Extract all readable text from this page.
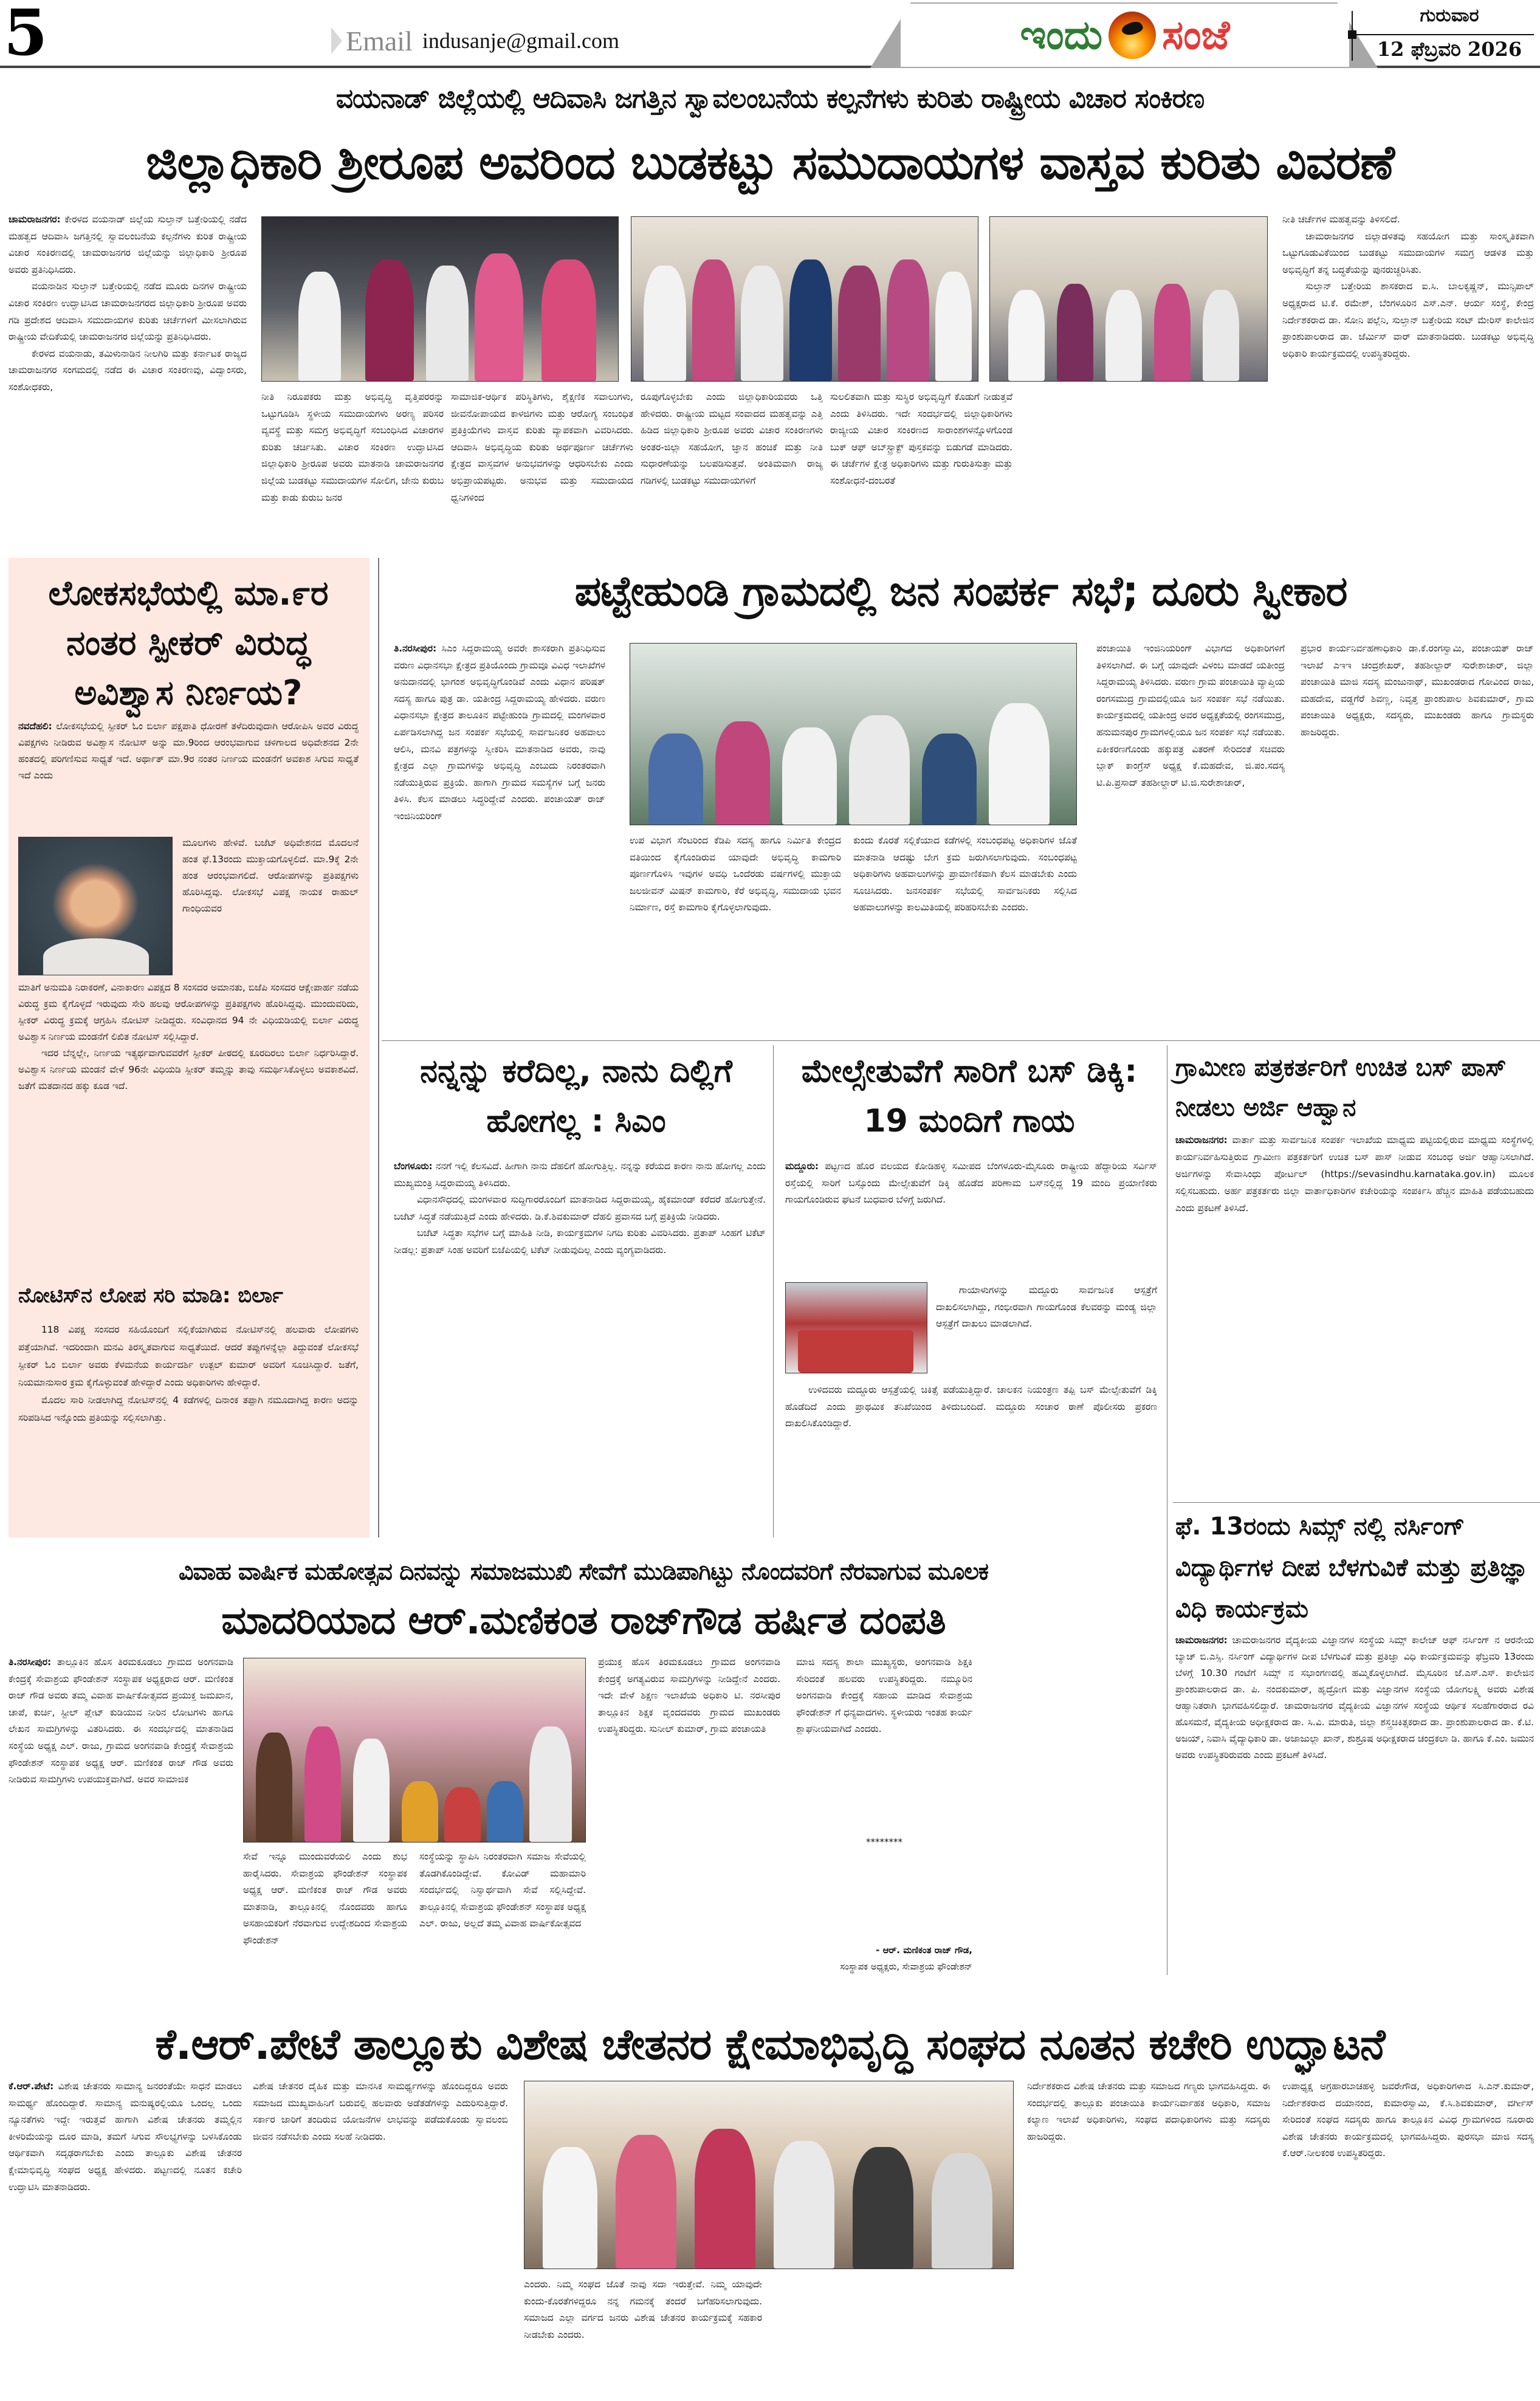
5	Email indusanje@gmail.com	ಇಂದು ಸಂಜೆ	ಗುರುವಾರ
12 ಫೆಬ್ರವರಿ 2026
ವಯನಾಡ್ ಜಿಲ್ಲೆಯಲ್ಲಿ ಆದಿವಾಸಿ ಜಗತ್ತಿನ ಸ್ವಾವಲಂಬನೆಯ ಕಲ್ಪನೆಗಳು ಕುರಿತು ರಾಷ್ಟ್ರೀಯ ವಿಚಾರ ಸಂಕಿರಣ
ಜಿಲ್ಲಾಧಿಕಾರಿ ಶ್ರೀರೂಪ ಅವರಿಂದ ಬುಡಕಟ್ಟು ಸಮುದಾಯಗಳ ವಾಸ್ತವ ಕುರಿತು ವಿವರಣೆ

ಚಾಮರಾಜನಗರ: ಕೇರಳದ ವಯನಾಡ್ ಜಿಲ್ಲೆಯ ಸುಲ್ತಾನ್ ಬತ್ತೇರಿಯಲ್ಲಿ ನಡೆದ ಮಹತ್ವದ ಆದಿವಾಸಿ ಜಗತ್ತಿನಲ್ಲಿ ಸ್ವಾವಲಂಬನೆಯ ಕಲ್ಪನೆಗಳು ಕುರಿತ ರಾಷ್ಟ್ರೀಯ ವಿಚಾರ ಸಂಕಿರಣದಲ್ಲಿ ಚಾಮರಾಜನಗರ ಜಿಲ್ಲೆಯನ್ನು ಜಿಲ್ಲಾಧಿಕಾರಿ ಶ್ರೀರೂಪ ಅವರು ಪ್ರತಿನಿಧಿಸಿದರು.

ವಯನಾಡಿನ ಸುಲ್ತಾನ್ ಬತ್ತೇರಿಯಲ್ಲಿ ನಡೆದ ಮೂರು ದಿನಗಳ ರಾಷ್ಟ್ರೀಯ ವಿಚಾರ ಸಂಕಿರಣ ಉದ್ಘಾಟಿಸಿದ ಚಾಮರಾಜನಗರದ ಜಿಲ್ಲಾಧಿಕಾರಿ ಶ್ರೀರೂಪ ಅವರು ಗಡಿ ಪ್ರದೇಶದ ಆದಿವಾಸಿ ಸಮುದಾಯಗಳ ಕುರಿತು ಚರ್ಚೆಗಳಿಗೆ ಮೀಸಲಾಗಿರುವ ರಾಷ್ಟ್ರೀಯ ವೇದಿಕೆಯಲ್ಲಿ ಚಾಮರಾಜನಗರ ಜಿಲ್ಲೆಯನ್ನು ಪ್ರತಿನಿಧಿಸಿದರು.

ಕೇರಳದ ವಯನಾಡು, ತಮಿಳುನಾಡಿನ ನೀಲಗಿರಿ ಮತ್ತು ಕರ್ನಾಟಕ ರಾಜ್ಯದ ಚಾಮರಾಜನಗರ ಸಂಗಮದಲ್ಲಿ ನಡೆದ ಈ ವಿಚಾರ ಸಂಕಿರಣವು, ವಿದ್ವಾಂಸರು, ಸಂಶೋಧಕರು,

ನೀತಿ ನಿರೂಪಕರು ಮತ್ತು ಅಭಿವೃದ್ಧಿ ವೃತ್ತಿಪರರನ್ನು ಒಟ್ಟುಗೂಡಿಸಿ ಸ್ಥಳೀಯ ಸಮುದಾಯಗಳು ಅರಣ್ಯ ಪರಿಸರ ವ್ಯವಸ್ಥೆ ಮತ್ತು ಸಮಗ್ರ ಅಭಿವೃದ್ಧಿಗೆ ಸಂಬಂಧಿಸಿದ ವಿಚಾರಗಳ ಕುರಿತು ಚರ್ಚಿಸಿತು. ವಿಚಾರ ಸಂಕಿರಣ ಉದ್ಘಾಟಿಸಿದ ಜಿಲ್ಲಾಧಿಕಾರಿ ಶ್ರೀರೂಪ ಅವರು ಮಾತನಾಡಿ ಚಾಮರಾಜನಗರ ಜಿಲ್ಲೆಯ ಬುಡಕಟ್ಟು ಸಮುದಾಯಗಳ ಸೋಲಿಗ, ಜೇನು ಕುರುಬ ಮತ್ತು ಕಾಡು ಕುರುಬ ಜನರ

ಸಾಮಾಜಿಕ-ಆರ್ಥಿಕ ಪರಿಸ್ಥಿತಿಗಳು, ಶೈಕ್ಷಣಿಕ ಸವಾಲುಗಳು, ಜೀವನೋಪಾಯದ ಕಾಳಜಿಗಳು ಮತ್ತು ಆರೋಗ್ಯ ಸಂಬಂಧಿತ ಪ್ರತಿಕ್ರಿಯೆಗಳು ವಾಸ್ತವ ಕುರಿತು ವ್ಯಾಪಕವಾಗಿ ವಿವರಿಸಿದರು. ಆದಿವಾಸಿ ಅಭಿವೃದ್ಧಿಯ ಕುರಿತು ಅರ್ಥಪೂರ್ಣ ಚರ್ಚೆಗಳು ಕ್ಷೇತ್ರದ ವಾಸ್ತವಗಳ ಅನುಭವಗಳನ್ನು ಆಧರಿಸಬೇಕು ಎಂದು ಅಭಿಪ್ರಾಯಪಟ್ಟರು. ಅನುಭವ ಮತ್ತು ಸಮುದಾಯದ ಧ್ವನಿಗಳಿಂದ

ರೂಪುಗೊಳ್ಳಬೇಕು ಎಂದು ಜಿಲ್ಲಾಧಿಕಾರಿಯವರು ಒತ್ತಿ ಹೇಳಿದರು. ರಾಷ್ಟ್ರೀಯ ಮಟ್ಟದ ಸಂವಾದದ ಮಹತ್ವವನ್ನು ಎತ್ತಿ ಹಿಡಿದ ಜಿಲ್ಲಾಧಿಕಾರಿ ಶ್ರೀರೂಪ ಅವರು ವಿಚಾರ ಸಂಕಿರಣಗಳು ಅಂತರ-ಜಿಲ್ಲಾ ಸಹಯೋಗ, ಜ್ಞಾನ ಹಂಚಿಕೆ ಮತ್ತು ನೀತಿ ಸುಧಾರಣೆಯನ್ನು ಬಲಪಡಿಸುತ್ತವೆ. ಅಂತಿಮವಾಗಿ ರಾಜ್ಯ ಗಡಿಗಳಲ್ಲಿ ಬುಡಕಟ್ಟು ಸಮುದಾಯಗಳಿಗೆ

ಸುಲಲಿತವಾಗಿ ಮತ್ತು ಸುಸ್ಥಿರ ಅಭಿವೃದ್ಧಿಗೆ ಕೊಡುಗೆ ನೀಡುತ್ತವೆ ಎಂದು ತಿಳಿಸಿದರು. ಇದೇ ಸಂದರ್ಭದಲ್ಲಿ ಜಿಲ್ಲಾಧಿಕಾರಿಗಳು ರಾಜ್ಯೀಯ ವಿಚಾರ ಸಂಕಿರಣದ ಸಾರಾಂಶಗಳನ್ನೊಳಗೊಂಡ ಬುಕ್ ಆಫ್ ಅಬ್‌ಸ್ಟ್ರಾಕ್ಟ್ ಪುಸ್ತಕವನ್ನು ಬಿಡುಗಡೆ ಮಾಡಿದರು. ಈ ಚರ್ಚೆಗಳ ಕ್ಷೇತ್ರ ಅಧಿಕಾರಿಗಳು ಮತ್ತು ಗುರುತಿಸುತ್ತಾ ಮತ್ತು ಸಂಶೋಧನೆ-ದಂಬರತೆ

ನೀತಿ ಚರ್ಚೆಗಳ ಮಹತ್ವವನ್ನು ತಿಳಿಸಲಿದೆ.

ಚಾಮರಾಜನಗರ ಜಿಲ್ಲಾಡಳಿತವು ಸಹಯೋಗ ಮತ್ತು ಸಾಂಸ್ಕೃತಿಕವಾಗಿ ಒಟ್ಟುಗೂಡುವಿಕೆಯಿಂದ ಬುಡಕಟ್ಟು ಸಮುದಾಯಗಳ ಸಮಗ್ರ ಆಡಳಿತ ಮತ್ತು ಅಭಿವೃದ್ಧಿಗೆ ತನ್ನ ಬದ್ಧತೆಯನ್ನು ಪುನರುಚ್ಚರಿಸಿತು.

ಸುಲ್ತಾನ್ ಬತ್ತೇರಿಯ ಶಾಸಕರಾದ ಐ.ಸಿ. ಬಾಲಕೃಷ್ಣನ್, ಮುನ್ಸಿಪಾಲ್ ಅಧ್ಯಕ್ಷರಾದ ಟಿ.ಕೆ. ರಮೇಶ್, ಬೆಂಗಳೂರಿನ ಎಸ್.ಎನ್. ಆರ್ಯ ಸಂಸ್ಥೆ, ಕೇಂದ್ರ ನಿರ್ದೇಶಕರಾದ ಡಾ. ಸೋನಿ ಪಲ್ಲೆನಿ, ಸುಲ್ತಾನ್ ಬತ್ತೇರಿಯ ಸಂಟ್ ಮೇರಿಸ್ ಕಾಲೇಜಿನ ಪ್ರಾಂಶುಪಾಲರಾದ ಡಾ. ಜೆರ್ಮಿಸ್ ವಾರ್ ಮಾತನಾಡಿದರು. ಬುಡಕಟ್ಟು ಅಭಿವೃದ್ಧಿ ಅಧಿಕಾರಿ ಕಾರ್ಯಕ್ರಮದಲ್ಲಿ ಉಪಸ್ಥಿತರಿದ್ದರು.

ಲೋಕಸಭೆಯಲ್ಲಿ ಮಾ.೯ರ ನಂತರ ಸ್ಪೀಕರ್ ವಿರುದ್ಧ ಅವಿಶ್ವಾಸ ನಿರ್ಣಯ?

ನವದೆಹಲಿ: ಲೋಕಸಭೆಯಲ್ಲಿ ಸ್ಪೀಕರ್ ಓಂ ಬಿರ್ಲಾ ಪಕ್ಷಪಾತಿ ಧೋರಣೆ ತಳೆದಿರುವುದಾಗಿ ಆರೋಪಿಸಿ ಅವರ ವಿರುದ್ಧ ವಿಪಕ್ಷಗಳು ನೀಡಿರುವ ಅವಿಶ್ವಾಸ ನೋಟಿಸ್ ಅನ್ನು ಮಾ.9ರಿಂದ ಆರಂಭವಾಗುವ ಚಳಿಗಾಲದ ಅಧಿವೇಶನದ 2ನೇ ಹಂತದಲ್ಲಿ ಪರಿಗಣಿಸುವ ಸಾಧ್ಯತೆ ಇದೆ. ಅರ್ಥಾತ್ ಮಾ.9ರ ನಂತರ ನಿರ್ಣಯ ಮಂಡನೆಗೆ ಅವಕಾಶ ಸಿಗುವ ಸಾಧ್ಯತೆ ಇದೆ ಎಂದು

ಮೂಲಗಳು ಹೇಳಿವೆ. ಬಜೆಟ್ ಅಧಿವೇಶನದ ಮೊದಲನೆ ಹಂತ ಫೆ.13ರಂದು ಮುಕ್ತಾಯಗೊಳ್ಳಲಿದೆ. ಮಾ.9ಕ್ಕೆ 2ನೇ ಹಂತ ಆರಂಭವಾಗಲಿದೆ. ಆರೋಪಗಳನ್ನು ಪ್ರತಿಪಕ್ಷಗಳು ಹೊರಿಸಿದ್ದವು. ಲೋಕಸಭೆ ವಿಪಕ್ಷ ನಾಯಕ ರಾಹುಲ್ ಗಾಂಧಿಯವರ

ಮಾತಿಗೆ ಅನುಮತಿ ನಿರಾಕರಣೆ, ವಿನಾಕಾರಣ ವಿಪಕ್ಷದ 8 ಸಂಸದರ ಅಮಾನತು, ಬಿಜೆಪಿ ಸಂಸದರ ಆಕ್ಷೇಪಾರ್ಹ ನಡೆಯ ವಿರುದ್ಧ ಕ್ರಮ ಕೈಗೊಳ್ಳದೆ ಇರುವುದು ಸೇರಿ ಹಲವು ಆರೋಪಗಳನ್ನು ಪ್ರತಿಪಕ್ಷಗಳು ಹೊರಿಸಿದ್ದವು. ಮುಂದುವರಿದು, ಸ್ಪೀಕರ್ ವಿರುದ್ಧ ಕ್ರಮಕ್ಕೆ ಆಗ್ರಹಿಸಿ ನೋಟಿಸ್ ನೀಡಿದ್ದರು. ಸಂವಿಧಾನದ 94 ನೇ ವಿಧಿಯಡಿಯಲ್ಲಿ ಬಿರ್ಲಾ ವಿರುದ್ಧ ಅವಿಶ್ವಾಸ ನಿರ್ಣಯ ಮಂಡನೆಗೆ ಲಿಖಿತ ನೋಟಿಸ್ ಸಲ್ಲಿಸಿದ್ದಾರೆ.

ಇದರ ಬೆನ್ನಲ್ಲೇ, ನಿರ್ಣಯ ಇತ್ಯರ್ಥವಾಗುವವರೆಗೆ ಸ್ಪೀಕರ್ ಪೀಠದಲ್ಲಿ ಕೂರದಿರಲು ಬಿರ್ಲಾ ನಿರ್ಧರಿಸಿದ್ದಾರೆ. ಅವಿಶ್ವಾಸ ನಿರ್ಣಯ ಮಂಡನೆ ವೇಳೆ 96ನೇ ವಿಧಿಯಡಿ ಸ್ಪೀಕರ್ ತಮ್ಮನ್ನು ತಾವು ಸಮರ್ಥಿಸಿಕೊಳ್ಳಲು ಅವಕಾಶವಿದೆ. ಜತೆಗೆ ಮತದಾನದ ಹಕ್ಕು ಕೂಡ ಇದೆ.

ನೋಟಿಸ್‌ನ ಲೋಪ ಸರಿ ಮಾಡಿ: ಬಿರ್ಲಾ

118 ವಿಪಕ್ಷ ಸಂಸದರ ಸಹಿಯೊಂದಿಗೆ ಸಲ್ಲಿಕೆಯಾಗಿರುವ ನೋಟಿಸ್‌ನಲ್ಲಿ ಹಲವಾರು ಲೋಪಗಳು ಪತ್ತೆಯಾಗಿವೆ. ಇದರಿಂದಾಗಿ ಮನವಿ ತಿರಸ್ಕೃತವಾಗುವ ಸಾಧ್ಯತೆಯಿದೆ. ಆದರೆ ತಪ್ಪುಗಳನ್ನೆಲ್ಲಾ ತಿದ್ದುವಂತೆ ಲೋಕಸಭೆ ಸ್ಪೀಕರ್ ಓಂ ಬಿರ್ಲಾ ಅವರು ಕೆಳಮನೆಯ ಕಾರ್ಯದರ್ಶಿ ಉತ್ಪಲ್ ಕುಮಾರ್ ಅವರಿಗೆ ಸೂಚಿಸಿದ್ದಾರೆ. ಜತೆಗೆ, ನಿಯಮಾನುಸಾರ ಕ್ರಮ ಕೈಗೊಳ್ಳುವಂತೆ ಹೇಳಿದ್ದಾರೆ ಎಂದು ಅಧಿಕಾರಿಗಳು ಹೇಳಿದ್ದಾರೆ.

ಮೊದಲ ಸಾರಿ ನೀಡಲಾಗಿದ್ದ ನೋಟಿಸ್‌ನಲ್ಲಿ 4 ಕಡೆಗಳಲ್ಲಿ ದಿನಾಂಕ ತಪ್ಪಾಗಿ ನಮೂದಾಗಿದ್ದ ಕಾರಣ ಅದನ್ನು ಸರಿಪಡಿಸಿದ ಇನ್ನೊಂದು ಪ್ರತಿಯನ್ನು ಸಲ್ಲಿಸಲಾಗಿತ್ತು.

ಪಟ್ಟೇಹುಂಡಿ ಗ್ರಾಮದಲ್ಲಿ ಜನ ಸಂಪರ್ಕ ಸಭೆ; ದೂರು ಸ್ವೀಕಾರ

ತಿ.ನರಸೀಪುರ: ಸಿಎಂ ಸಿದ್ದರಾಮಯ್ಯ ಅವರೇ ಶಾಸಕರಾಗಿ ಪ್ರತಿನಿಧಿಸುವ ವರುಣ ವಿಧಾನಸಭಾ ಕ್ಷೇತ್ರದ ಪ್ರತಿಯೊಂದು ಗ್ರಾಮವೂ ವಿವಿಧ ಇಲಾಖೆಗಳ ಅನುದಾನದಲ್ಲಿ ಭಾಗಂಶ ಅಭಿವೃದ್ಧಿಗೊಂಡಿವೆ ಎಂದು ವಿಧಾನ ಪರಿಷತ್ ಸದಸ್ಯ ಹಾಗೂ ಪುತ್ರ ಡಾ. ಯತೀಂದ್ರ ಸಿದ್ದರಾಮಯ್ಯ ಹೇಳಿದರು. ವರುಣ ವಿಧಾನಸಭಾ ಕ್ಷೇತ್ರದ ತಾಲೂಕಿನ ಪಟ್ಟೇಹುಂಡಿ ಗ್ರಾಮದಲ್ಲಿ ಮಂಗಳವಾರ ಏರ್ಪಡಿಸಲಾಗಿದ್ದ ಜನ ಸಂಪರ್ಕ ಸಭೆಯಲ್ಲಿ ಸಾರ್ವಜನಿಕರ ಅಹವಾಲು ಆಲಿಸಿ, ಮನವಿ ಪತ್ರಗಳನ್ನು ಸ್ವೀಕರಿಸಿ ಮಾತನಾಡಿದ ಅವರು, ನಾವು ಕ್ಷೇತ್ರದ ಎಲ್ಲಾ ಗ್ರಾಮಗಳನ್ನು ಅಭಿವೃದ್ಧಿ ಎಂಬುದು ನಿರಂತರವಾಗಿ ನಡೆಯುತ್ತಿರುವ ಪ್ರಕ್ರಿಯೆ. ಹಾಗಾಗಿ ಗ್ರಾಮದ ಸಮಸ್ಯೆಗಳ ಬಗ್ಗೆ ಜನರು ತಿಳಿಸಿ. ಕೆಲಸ ಮಾಡಲು ಸಿದ್ಧರಿದ್ದೇವೆ ಎಂದರು. ಪಂಚಾಯತ್ ರಾಜ್ ಇಂಜಿನಿಯರಿಂಗ್

ಉಪ ವಿಭಾಗ ಸೆಂಟರಿಂದ ಕೆಡಿಪಿ ಸದಸ್ಯ ಹಾಗೂ ನಿರ್ಮಿತಿ ಕೇಂದ್ರದ ವತಿಯಿಂದ ಕೈಗೊಂಡಿರುವ ಯಾವುದೇ ಅಭಿವೃದ್ಧಿ ಕಾಮಗಾರಿ ಪೂರ್ಣಗೊಳಿಸಿ ಇವುಗಳ ಅವಧಿ ಒಂದೆರಡು ವರ್ಷಗಳಲ್ಲಿ ಮುಕ್ತಾಯ ಜಲಜೀವನ್ ಮಿಷನ್ ಕಾಮಗಾರಿ, ಕೆರೆ ಅಭಿವೃದ್ಧಿ, ಸಮುದಾಯ ಭವನ ನಿರ್ಮಾಣ, ರಸ್ತೆ ಕಾಮಗಾರಿ ಕೈಗೊಳ್ಳಲಾಗುವುದು.

ಕುಂದು ಕೊರತೆ ಸಲ್ಲಿಕೆಯಾದ ಕಡೆಗಳಲ್ಲಿ ಸಂಬಂಧಪಟ್ಟ ಅಧಿಕಾರಿಗಳ ಜೊತೆ ಮಾತನಾಡಿ ಆದಷ್ಟು ಬೇಗ ಕ್ರಮ ಜರುಗಿಸಲಾಗುವುದು. ಸಂಬಂಧಪಟ್ಟ ಅಧಿಕಾರಿಗಳು ಅಹವಾಲುಗಳನ್ನು ಪ್ರಾಮಾಣಿಕವಾಗಿ ಕೆಲಸ ಮಾಡಬೇಕು ಎಂದು ಸೂಚಿಸಿದರು. ಜನಸಂಪರ್ಕ ಸಭೆಯಲ್ಲಿ ಸಾರ್ವಜನಿಕರು ಸಲ್ಲಿಸಿದ ಅಹವಾಲುಗಳನ್ನು ಕಾಲಮಿತಿಯಲ್ಲಿ ಪರಿಹರಿಸಬೇಕು ಎಂದರು.

ಪಂಚಾಯಿತಿ ಇಂಜಿನಿಯರಿಂಗ್ ವಿಭಾಗದ ಅಧಿಕಾರಿಗಳಿಗೆ ತಿಳಿಸಲಾಗಿದೆ. ಈ ಬಗ್ಗೆ ಯಾವುದೇ ವಿಳಂಬ ಮಾಡದೆ ಯತೀಂದ್ರ ಸಿದ್ದರಾಮಯ್ಯ ತಿಳಿಸಿದರು. ವರುಣ ಗ್ರಾಮ ಪಂಚಾಯಿತಿ ವ್ಯಾಪ್ತಿಯ ರಂಗಸಮುದ್ರ ಗ್ರಾಮದಲ್ಲಿಯೂ ಜನ ಸಂಪರ್ಕ ಸಭೆ ನಡೆಯಿತು. ಕಾರ್ಯಕ್ರಮದಲ್ಲಿ ಯತೀಂದ್ರ ಅವರ ಅಧ್ಯಕ್ಷತೆಯಲ್ಲಿ ರಂಗಸಮುದ್ರ, ಹನುಮನಪುರ ಗ್ರಾಮಗಳಲ್ಲಿಯೂ ಜನ ಸಂಪರ್ಕ ಸಭೆ ನಡೆಯಿತು. ಏಕೀಕರಣಗೊಂಡು ಹಕ್ಕುಪತ್ರ ವಿತರಣೆ ಸೇರಿದಂತೆ ಸಚಿವರು ಬ್ಲಾಕ್ ಕಾಂಗ್ರೆಸ್ ಅಧ್ಯಕ್ಷ ಕೆ.ಮಹದೇವ, ಜಿ.ಪಂ.ಸದಸ್ಯ ಟಿ.ಪಿ.ಪ್ರಸಾದ್ ತಹಶೀಲ್ದಾರ್ ಟಿ.ಜಿ.ಸುರೇಶಾಚಾರ್,

ಪ್ರಭಾರ ಕಾರ್ಯನಿರ್ವಹಣಾಧಿಕಾರಿ ಡಾ.ಕೆ.ರಂಗಸ್ವಾಮಿ, ಪಂಚಾಯತ್ ರಾಜ್ ಇಲಾಖೆ ಎಇಇ ಚಂದ್ರಶೇಖರ್, ತಹಶೀಲ್ದಾರ್ ಸುರೇಶಾಚಾರ್, ಜಿಲ್ಲಾ ಪಂಚಾಯಿತಿ ಮಾಜಿ ಸದಸ್ಯ ಮಂಜುನಾಥ್, ಮುಖಂಡರಾದ ಗೋವಿಂದ ರಾಜು, ಮಹದೇವ, ವಡ್ಡಗೆರೆ ಶಿವಣ್ಣ, ನಿವೃತ್ತ ಪ್ರಾಂಶುಪಾಲ ಶಿವಕುಮಾರ್, ಗ್ರಾಮ ಪಂಚಾಯಿತಿ ಅಧ್ಯಕ್ಷರು, ಸದಸ್ಯರು, ಮುಖಂಡರು ಹಾಗೂ ಗ್ರಾಮಸ್ಥರು ಹಾಜರಿದ್ದರು.

ನನ್ನನ್ನು ಕರೆದಿಲ್ಲ, ನಾನು ದಿಲ್ಲಿಗೆ ಹೋಗಲ್ಲ : ಸಿಎಂ

ಬೆಂಗಳೂರು: ನನಗೆ ಇಲ್ಲಿ ಕೆಲಸವಿದೆ. ಹೀಗಾಗಿ ನಾನು ದೆಹಲಿಗೆ ಹೋಗುತ್ತಿಲ್ಲ. ನನ್ನನ್ನು ಕರೆಯದ ಕಾರಣ ನಾನು ಹೋಗಲ್ಲ ಎಂದು ಮುಖ್ಯಮಂತ್ರಿ ಸಿದ್ದರಾಮಯ್ಯ ತಿಳಿಸಿದರು.

ವಿಧಾನಸೌಧದಲ್ಲಿ ಮಂಗಳವಾರ ಸುದ್ದಿಗಾರರೊಂದಿಗೆ ಮಾತನಾಡಿದ ಸಿದ್ದರಾಮಯ್ಯ, ಹೈಕಮಾಂಡ್ ಕರೆದರೆ ಹೋಗುತ್ತೇನೆ. ಬಜೆಟ್ ಸಿದ್ಧತೆ ನಡೆಯುತ್ತಿದೆ ಎಂದು ಹೇಳಿದರು. ಡಿ.ಕೆ.ಶಿವಕುಮಾರ್ ದೆಹಲಿ ಪ್ರವಾಸದ ಬಗ್ಗೆ ಪ್ರತಿಕ್ರಿಯೆ ನೀಡಿದರು.

ಬಜೆಟ್ ಸಿದ್ಧತಾ ಸಭೆಗಳ ಬಗ್ಗೆ ಮಾಹಿತಿ ನೀಡಿ, ಕಾರ್ಯಕ್ರಮಗಳ ನಿಗದಿ ಕುರಿತು ವಿವರಿಸಿದರು. ಪ್ರತಾಪ್ ಸಿಂಹಗೆ ಟಿಕೆಟ್ ನೀಡಲ್ಲ: ಪ್ರತಾಪ್ ಸಿಂಹ ಅವರಿಗೆ ಬಿಜೆಪಿಯಲ್ಲಿ ಟಿಕೆಟ್ ನೀಡುವುದಿಲ್ಲ ಎಂದು ವ್ಯಂಗ್ಯವಾಡಿದರು.

ಮೇಲ್ಸೇತುವೆಗೆ ಸಾರಿಗೆ ಬಸ್ ಡಿಕ್ಕಿ: 19 ಮಂದಿಗೆ ಗಾಯ

ಮದ್ದೂರು: ಪಟ್ಟಣದ ಹೊರ ವಲಯದ ಕೋಡಿಹಳ್ಳಿ ಸಮೀಪದ ಬೆಂಗಳೂರು-ಮೈಸೂರು ರಾಷ್ಟ್ರೀಯ ಹೆದ್ದಾರಿಯ ಸರ್ವಿಸ್ ರಸ್ತೆಯಲ್ಲಿ ಸಾರಿಗೆ ಬಸ್ಸೊಂದು ಮೇಲ್ಸೇತುವೆಗೆ ಡಿಕ್ಕಿ ಹೊಡೆದ ಪರಿಣಾಮ ಬಸ್‌ನಲ್ಲಿದ್ದ 19 ಮಂದಿ ಪ್ರಯಾಣಿಕರು ಗಾಯಗೊಂಡಿರುವ ಘಟನೆ ಬುಧವಾರ ಬೆಳಿಗ್ಗೆ ಜರುಗಿದೆ.

ಗಾಯಾಳುಗಳನ್ನು ಮದ್ದೂರು ಸಾರ್ವಜನಿಕ ಆಸ್ಪತ್ರೆಗೆ ದಾಖಲಿಸಲಾಗಿದ್ದು, ಗಂಭೀರವಾಗಿ ಗಾಯಗೊಂಡ ಕೆಲವರನ್ನು ಮಂಡ್ಯ ಜಿಲ್ಲಾ ಆಸ್ಪತ್ರೆಗೆ ದಾಖಲು ಮಾಡಲಾಗಿದೆ.

ಉಳಿದವರು ಮದ್ದೂರು ಆಸ್ಪತ್ರೆಯಲ್ಲಿ ಚಿಕಿತ್ಸೆ ಪಡೆಯುತ್ತಿದ್ದಾರೆ. ಚಾಲಕನ ನಿಯಂತ್ರಣ ತಪ್ಪಿ ಬಸ್ ಮೇಲ್ಸೇತುವೆಗೆ ಡಿಕ್ಕಿ ಹೊಡೆದಿದೆ ಎಂದು ಪ್ರಾಥಮಿಕ ತನಿಖೆಯಿಂದ ತಿಳಿದುಬಂದಿದೆ. ಮದ್ದೂರು ಸಂಚಾರ ಠಾಣೆ ಪೊಲೀಸರು ಪ್ರಕರಣ ದಾಖಲಿಸಿಕೊಂಡಿದ್ದಾರೆ.

ಗ್ರಾಮೀಣ ಪತ್ರಕರ್ತರಿಗೆ ಉಚಿತ ಬಸ್ ಪಾಸ್ ನೀಡಲು ಅರ್ಜಿ ಆಹ್ವಾನ

ಚಾಮರಾಜನಗರ: ವಾರ್ತಾ ಮತ್ತು ಸಾರ್ವಜನಿಕ ಸಂಪರ್ಕ ಇಲಾಖೆಯ ಮಾಧ್ಯಮ ಪಟ್ಟಿಯಲ್ಲಿರುವ ಮಾಧ್ಯಮ ಸಂಸ್ಥೆಗಳಲ್ಲಿ ಕಾರ್ಯನಿರ್ವಹಿಸುತ್ತಿರುವ ಗ್ರಾಮೀಣ ಪತ್ರಕರ್ತರಿಗೆ ಉಚಿತ ಬಸ್ ಪಾಸ್ ನೀಡುವ ಸಂಬಂಧ ಅರ್ಜಿ ಆಹ್ವಾನಿಸಲಾಗಿದೆ. ಅರ್ಜಿಗಳನ್ನು ಸೇವಾಸಿಂಧು ಪೋರ್ಟಲ್ (https://sevasindhu.karnataka.gov.in) ಮೂಲಕ ಸಲ್ಲಿಸಬಹುದು. ಅರ್ಹ ಪತ್ರಕರ್ತರು ಜಿಲ್ಲಾ ವಾರ್ತಾಧಿಕಾರಿಗಳ ಕಚೇರಿಯನ್ನು ಸಂಪರ್ಕಿಸಿ ಹೆಚ್ಚಿನ ಮಾಹಿತಿ ಪಡೆಯಬಹುದು ಎಂದು ಪ್ರಕಟಣೆ ತಿಳಿಸಿದೆ.

ಫೆ. 13ರಂದು ಸಿಮ್ಸ್ ನಲ್ಲಿ ನರ್ಸಿಂಗ್ ವಿದ್ಯಾರ್ಥಿಗಳ ದೀಪ ಬೆಳಗುವಿಕೆ ಮತ್ತು ಪ್ರತಿಜ್ಞಾ ವಿಧಿ ಕಾರ್ಯಕ್ರಮ

ಚಾಮರಾಜನಗರ: ಚಾಮರಾಜನಗರ ವೈದ್ಯಕೀಯ ವಿಜ್ಞಾನಗಳ ಸಂಸ್ಥೆಯ ಸಿಮ್ಸ್ ಕಾಲೇಜ್ ಆಫ್ ನರ್ಸಿಂಗ್ ನ ಆರನೇಯ ಬ್ಯಾಚ್ ಬಿ.ಎಸ್ಸಿ. ನರ್ಸಿಂಗ್ ವಿದ್ಯಾರ್ಥಿಗಳ ದೀಪ ಬೆಳಗುವಿಕೆ ಮತ್ತು ಪ್ರತಿಜ್ಞಾ ವಿಧಿ ಕಾರ್ಯಕ್ರಮವನ್ನು ಫೆಬ್ರವರಿ 13ರಂದು ಬೆಳಗ್ಗೆ 10.30 ಗಂಟೆಗೆ ಸಿಮ್ಸ್ ನ ಸಭಾಂಗಣದಲ್ಲಿ ಹಮ್ಮಿಕೊಳ್ಳಲಾಗಿದೆ. ಮೈಸೂರಿನ ಜೆ.ಎಸ್.ಎಸ್. ಕಾಲೇಜಿನ ಪ್ರಾಂಶುಪಾಲರಾದ ಡಾ. ಪಿ. ನಂದಕುಮಾರ್, ಹೃದ್ರೋಗ ಮತ್ತು ವಿಜ್ಞಾನಗಳ ಸಂಸ್ಥೆಯ ಯೋಗಲಕ್ಷ್ಮಿ ಅವರು ವಿಶೇಷ ಆಹ್ವಾನಿತರಾಗಿ ಭಾಗವಹಿಸಲಿದ್ದಾರೆ. ಚಾಮರಾಜನಗರ ವೈದ್ಯಕೀಯ ವಿಜ್ಞಾನಗಳ ಸಂಸ್ಥೆಯ ಆರ್ಥಿಕ ಸಲಹೆಗಾರರಾದ ರವಿ ಹೊಸಮನೆ, ವೈದ್ಯಕೀಯ ಅಧೀಕ್ಷಕರಾದ ಡಾ. ಸಿ.ವಿ. ಮಾರುತಿ, ಜಿಲ್ಲಾ ಶಸ್ತ್ರಚಿಕಿತ್ಸಕರಾದ ಡಾ. ಪ್ರಾಂಶುಪಾಲರಾದ ಡಾ. ಕೆ.ಟಿ. ಅಜಯ್, ನಿವಾಸಿ ವೈದ್ಯಾಧಿಕಾರಿ ಡಾ. ಅಜಾಜುಲ್ಲಾ ಖಾನ್, ಶುಶ್ರೂಷ ಅಧೀಕ್ಷಕರಾದ ಚಂದ್ರಕಲಾ ಡಿ. ಹಾಗೂ ಕೆ.ಎಂ. ಜಮುನ ಅವರು ಉಪಸ್ಥಿತರಿರುವರು ಎಂದು ಪ್ರಕಟಣೆ ತಿಳಿಸಿದೆ.

ವಿವಾಹ ವಾರ್ಷಿಕ ಮಹೋತ್ಸವ ದಿನವನ್ನು ಸಮಾಜಮುಖಿ ಸೇವೆಗೆ ಮುಡಿಪಾಗಿಟ್ಟು ನೊಂದವರಿಗೆ ನೆರವಾಗುವ ಮೂಲಕ
ಮಾದರಿಯಾದ ಆರ್.ಮಣಿಕಂತ ರಾಜ್‌ಗೌಡ ಹರ್ಷಿತ ದಂಪತಿ

ತಿ.ನರಸೀಪುರ: ತಾಲ್ಲೂಕಿನ ಹೊಸ ತಿರಮಕೂಡಲು ಗ್ರಾಮದ ಅಂಗನವಾಡಿ ಕೇಂದ್ರಕ್ಕೆ ಸೇವಾಶ್ರಯ ಫೌಂಡೇಶನ್ ಸಂಸ್ಥಾಪಕ ಅಧ್ಯಕ್ಷರಾದ ಆರ್. ಮಣಿಕಂತ ರಾಜ್ ಗೌಡ ಅವರು ತಮ್ಮ ವಿವಾಹ ವಾರ್ಷಿಕೋತ್ಸವದ ಪ್ರಯುಕ್ತ ಜಮಖಾನ, ಚಾಪೆ, ಕುರ್ಚಿ, ಸ್ಟೀಲ್ ಪ್ಲೇಟ್ ಕುಡಿಯುವ ನೀರಿನ ಲೋಟಗಳು ಹಾಗೂ ಲೇಖನ ಸಾಮಗ್ರಿಗಳನ್ನು ವಿತರಿಸಿದರು. ಈ ಸಂದರ್ಭದಲ್ಲಿ ಮಾತನಾಡಿದ ಸಂಸ್ಥೆಯ ಅಧ್ಯಕ್ಷ ಎಲ್. ರಾಜು, ಗ್ರಾಮದ ಅಂಗನವಾಡಿ ಕೇಂದ್ರಕ್ಕೆ ಸೇವಾಶ್ರಯ ಫೌಂಡೇಶನ್ ಸಂಸ್ಥಾಪಕ ಅಧ್ಯಕ್ಷ ಆರ್. ಮಣಿಕಂತ ರಾಜ್ ಗೌಡ ಅವರು ನೀಡಿರುವ ಸಾಮಗ್ರಿಗಳು ಉಪಯುಕ್ತವಾಗಿದೆ. ಅವರ ಸಾಮಾಜಿಕ

ಸೇವೆ ಇನ್ನೂ ಮುಂದುವರೆಯಲಿ ಎಂದು ಶುಭ ಹಾರೈಸಿದರು. ಸೇವಾಶ್ರಯ ಫೌಂಡೇಶನ್ ಸಂಸ್ಥಾಪಕ ಅಧ್ಯಕ್ಷ ಆರ್. ಮಣಿಕಂತ ರಾಜ್ ಗೌಡ ಅವರು ಮಾತನಾಡಿ, ತಾಲ್ಲೂಕಿನಲ್ಲಿ ನೊಂದವರು ಹಾಗೂ ಅಸಹಾಯಕರಿಗೆ ನೆರವಾಗುವ ಉದ್ದೇಶದಿಂದ ಸೇವಾಶ್ರಯ ಫೌಂಡೇಶನ್

ಸಂಸ್ಥೆಯನ್ನು ಸ್ಥಾಪಿಸಿ ನಿರಂತರವಾಗಿ ಸಮಾಜ ಸೇವೆಯಲ್ಲಿ ತೊಡಗಿಕೊಂಡಿದ್ದೇವೆ. ಕೋವಿಡ್ ಮಹಾಮಾರಿ ಸಂದರ್ಭದಲ್ಲಿ ನಿಸ್ವಾರ್ಥವಾಗಿ ಸೇವೆ ಸಲ್ಲಿಸಿದ್ದೇವೆ. ತಾಲ್ಲೂಕಿನಲ್ಲಿ ಸೇವಾಶ್ರಯ ಫೌಂಡೇಶನ್ ಸಂಸ್ಥಾಪಕ ಅಧ್ಯಕ್ಷ ಎಲ್. ರಾಜು, ಅಲ್ಲದೆ ತಮ್ಮ ವಿವಾಹ ವಾರ್ಷಿಕೋತ್ಸವದ

ಪ್ರಯುಕ್ತ ಹೊಸ ತಿರಮಕೂಡಲು ಗ್ರಾಮದ ಅಂಗನವಾಡಿ ಕೇಂದ್ರಕ್ಕೆ ಅಗತ್ಯವಿರುವ ಸಾಮಗ್ರಿಗಳನ್ನು ನೀಡಿದ್ದೇನೆ ಎಂದರು. ಇದೇ ವೇಳೆ ಶಿಕ್ಷಣ ಇಲಾಖೆಯ ಅಧಿಕಾರಿ ಟಿ. ನರಸೀಪುರ ತಾಲ್ಲೂಕಿನ ಶಿಕ್ಷಕ ವೃಂದದವರು ಗ್ರಾಮದ ಮುಖಂಡರು ಉಪಸ್ಥಿತರಿದ್ದರು. ಸುನೀಲ್ ಕುಮಾರ್, ಗ್ರಾಮ ಪಂಚಾಯತಿ

ಮಾಜಿ ಸದಸ್ಯ ಶಾಲಾ ಮುಖ್ಯಸ್ಥರು, ಅಂಗನವಾಡಿ ಶಿಕ್ಷಕಿ ಸೇರಿದಂತೆ ಹಲವರು ಉಪಸ್ಥಿತರಿದ್ದರು. ನಮ್ಮೂರಿನ ಅಂಗನವಾಡಿ ಕೇಂದ್ರಕ್ಕೆ ಸಹಾಯ ಮಾಡಿದ ಸೇವಾಶ್ರಯ ಫೌಂಡೇಶನ್ ಗೆ ಧನ್ಯವಾದಗಳು. ಸ್ಥಳೀಯರು ಇಂತಹ ಕಾರ್ಯ ಶ್ಲಾಘನೀಯವಾಗಿದೆ ಎಂದರು.

********
- ಆರ್. ಮಣಿಕಂತ ರಾಜ್ ಗೌಡ,
ಸಂಸ್ಥಾಪಕ ಅಧ್ಯಕ್ಷರು, ಸೇವಾಶ್ರಯ ಫೌಂಡೇಶನ್
ಕೆ.ಆರ್.ಪೇಟೆ ತಾಲ್ಲೂಕು ವಿಶೇಷ ಚೇತನರ ಕ್ಷೇಮಾಭಿವೃದ್ಧಿ ಸಂಘದ ನೂತನ ಕಚೇರಿ ಉದ್ಘಾಟನೆ

ಕೆ.ಆರ್.ಪೇಟೆ: ವಿಶೇಷ ಚೇತನರು ಸಾಮಾನ್ಯ ಜನರಂತೆಯೇ ಸಾಧನೆ ಮಾಡಲು ಸಾಮರ್ಥ್ಯ ಹೊಂದಿದ್ದಾರೆ. ಸಾಮಾನ್ಯ ಮನುಷ್ಯರಲ್ಲಿಯೂ ಒಂದಲ್ಲ ಒಂದು ನ್ಯೂನತೆಗಳು ಇದ್ದೇ ಇರುತ್ತವೆ ಹಾಗಾಗಿ ವಿಶೇಷ ಚೇತನರು ತಮ್ಮಲ್ಲಿನ ಕೀಳರಿಮೆಯನ್ನು ದೂರ ಮಾಡಿ, ತಮಗೆ ಸಿಗುವ ಸೌಲಭ್ಯಗಳನ್ನು ಬಳಸಿಕೊಂಡು ಆರ್ಥಿಕವಾಗಿ ಸದೃಢರಾಗಬೇಕು ಎಂದು ತಾಲ್ಲೂಕು ವಿಶೇಷ ಚೇತನರ ಕ್ಷೇಮಾಭಿವೃದ್ಧಿ ಸಂಘದ ಅಧ್ಯಕ್ಷ ಹೇಳಿದರು. ಪಟ್ಟಣದಲ್ಲಿ ನೂತನ ಕಚೇರಿ ಉದ್ಘಾಟಿಸಿ ಮಾತನಾಡಿದರು.

ವಿಶೇಷ ಚೇತನರ ದೈಹಿಕ ಮತ್ತು ಮಾನಸಿಕ ಸಾಮರ್ಥ್ಯಗಳನ್ನು ಹೊಂದಿದ್ದರೂ ಅವರು ಸಮಾಜದ ಮುಖ್ಯವಾಹಿನಿಗೆ ಬರುವಲ್ಲಿ ಹಲವಾರು ಅಡೆತಡೆಗಳನ್ನು ಎದುರಿಸುತ್ತಿದ್ದಾರೆ. ಸರ್ಕಾರ ಜಾರಿಗೆ ತಂದಿರುವ ಯೋಜನೆಗಳ ಲಾಭವನ್ನು ಪಡೆದುಕೊಂಡು ಸ್ವಾವಲಂಬಿ ಜೀವನ ನಡೆಸಬೇಕು ಎಂದು ಸಲಹೆ ನೀಡಿದರು.

ಎಂದರು. ನಿಮ್ಮ ಸಂಘದ ಜೊತೆ ನಾವು ಸದಾ ಇರುತ್ತೇವೆ. ನಿಮ್ಮ ಯಾವುದೇ ಕುಂದು-ಕೊರತೆಗಳಿದ್ದರೂ ನನ್ನ ಗಮನಕ್ಕೆ ತಂದರೆ ಬಗೆಹರಿಸಲಾಗುವುದು. ಸಮಾಜದ ಎಲ್ಲಾ ವರ್ಗದ ಜನರು ವಿಶೇಷ ಚೇತನರ ಕಾರ್ಯಕ್ರಮಕ್ಕೆ ಸಹಕಾರ ನೀಡಬೇಕು ಎಂದರು.

ನಿರ್ದೇಶಕರಾದ ವಿಶೇಷ ಚೇತನರು ಮತ್ತು ಸಮಾಜದ ಗಣ್ಯರು ಭಾಗವಹಿಸಿದ್ದರು. ಈ ಸಂದರ್ಭದಲ್ಲಿ ತಾಲ್ಲೂಕು ಪಂಚಾಯಿತಿ ಕಾರ್ಯನಿರ್ವಾಹಕ ಅಧಿಕಾರಿ, ಸಮಾಜ ಕಲ್ಯಾಣ ಇಲಾಖೆ ಅಧಿಕಾರಿಗಳು, ಸಂಘದ ಪದಾಧಿಕಾರಿಗಳು ಮತ್ತು ಸದಸ್ಯರು ಹಾಜರಿದ್ದರು.

ಉಪಾಧ್ಯಕ್ಷ ಅಗ್ರಹಾರಬಾಚಹಳ್ಳಿ ಜವರೇಗೌಡ, ಅಧಿಕಾರಿಗಳಾದ ಸಿ.ಎನ್.ಕುಮಾರ್, ನಿರ್ದೇಶಕರಾದ ದಯಾನಂದ, ಕುಮಾರಸ್ವಾಮಿ, ಕೆ.ಸಿ.ಶಿವಕುಮಾರ್, ವರ್ಗೀಸ್ ಸೇರಿದಂತೆ ಸಂಘದ ಸದಸ್ಯರು ಹಾಗೂ ತಾಲ್ಲೂಕಿನ ವಿವಿಧ ಗ್ರಾಮಗಳಿಂದ ನೂರಾರು ವಿಶೇಷ ಚೇತನರು ಕಾರ್ಯಕ್ರಮದಲ್ಲಿ ಭಾಗವಹಿಸಿದ್ದರು. ಪುರಸಭಾ ಮಾಜಿ ಸದಸ್ಯ ಕೆ.ಆರ್.ನೀಲಕಂಠ ಉಪಸ್ಥಿತರಿದ್ದರು.
